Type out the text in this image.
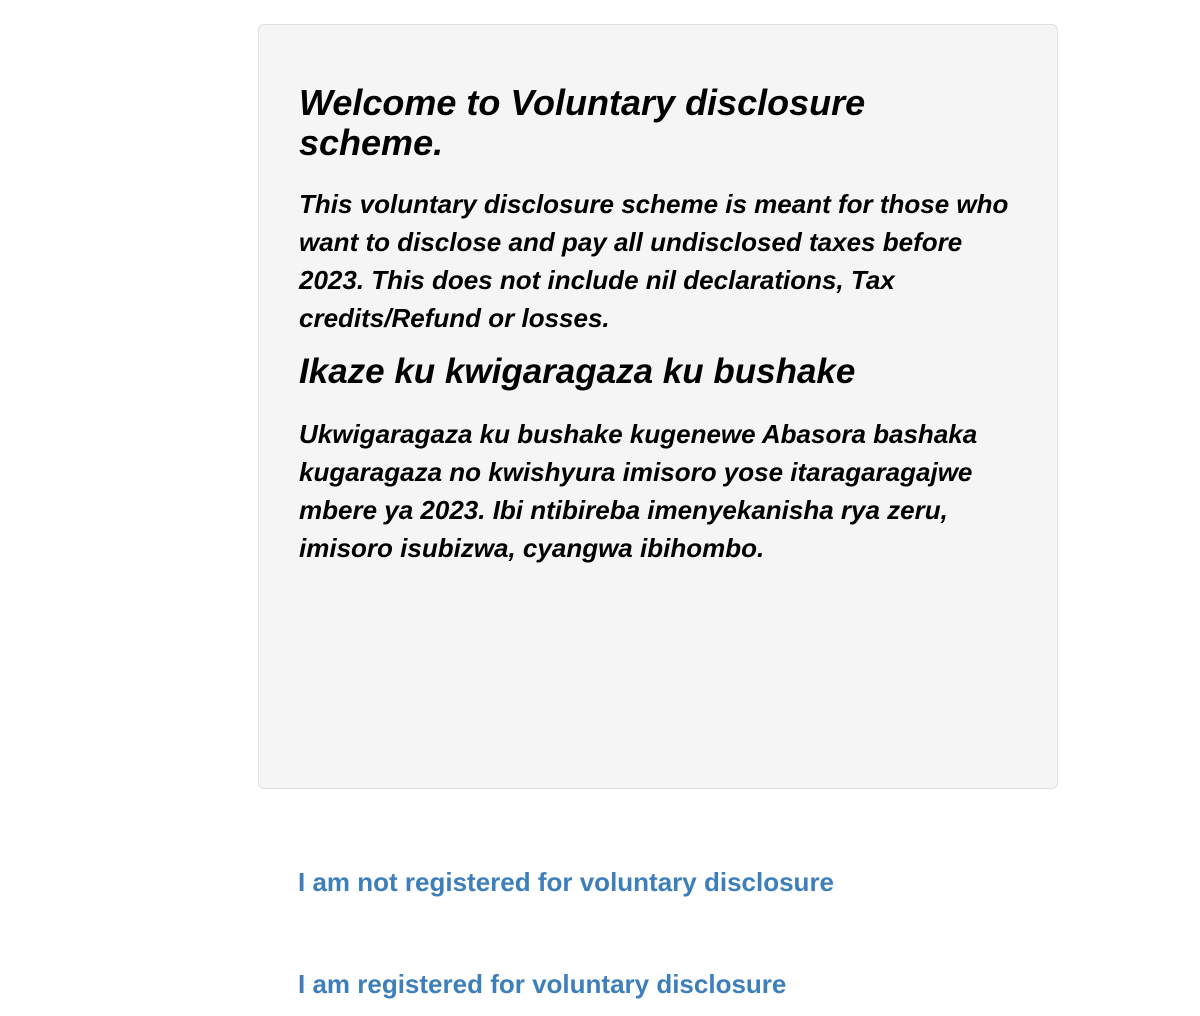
Welcome to Voluntary disclosure scheme.

This voluntary disclosure scheme is meant for those who want to disclose and pay all undisclosed taxes before 2023. This does not include nil declarations, Tax credits/Refund or losses.

Ikaze ku kwigaragaza ku bushake

Ukwigaragaza ku bushake kugenewe Abasora bashaka kugaragaza no kwishyura imisoro yose itaragaragajwe mbere ya 2023. Ibi ntibireba imenyekanisha rya zeru, imisoro isubizwa, cyangwa ibihombo.

I am not registered for voluntary disclosure
I am registered for voluntary disclosure
